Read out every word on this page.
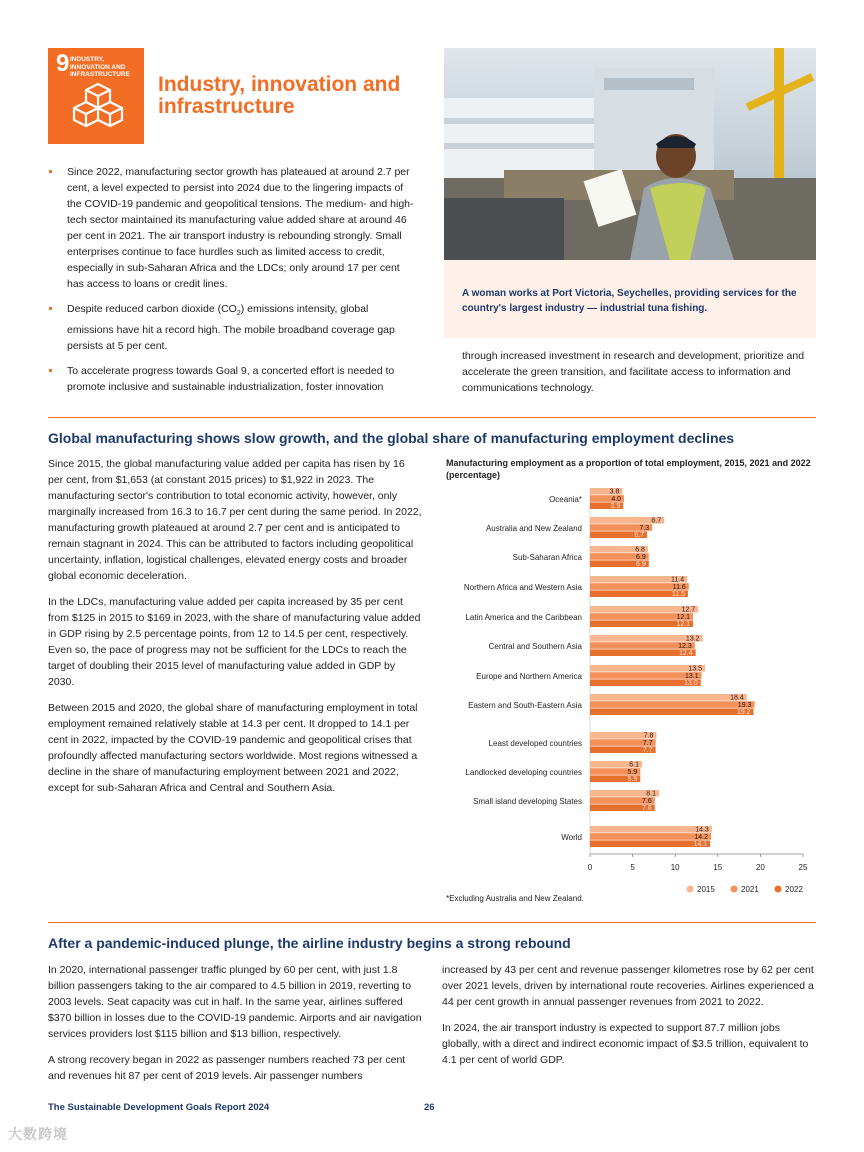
9 INDUSTRY, INNOVATION AND INFRASTRUCTURE	Industry, innovation and infrastructure
Since 2022, manufacturing sector growth has plateaued at around 2.7 per cent, a level expected to persist into 2024 due to the lingering impacts of the COVID-19 pandemic and geopolitical tensions. The medium- and high-tech sector maintained its manufacturing value added share at around 46 per cent in 2021. The air transport industry is rebounding strongly. Small enterprises continue to face hurdles such as limited access to credit, especially in sub-Saharan Africa and the LDCs; only around 17 per cent has access to loans or credit lines.
Despite reduced carbon dioxide $(CO_2)$ emissions intensity, global emissions have hit a record high. The mobile broadband coverage gap persists at 5 per cent.
To accelerate progress towards Goal 9, a concerted effort is needed to promote inclusive and sustainable industrialization, foster innovation
A woman works at Port Victoria, Seychelles, providing services for the country's largest industry — industrial tuna fishing.
through increased investment in research and development, prioritize and accelerate the green transition, and facilitate access to information and communications technology.
Global manufacturing shows slow growth, and the global share of manufacturing employment declines

Since 2015, the global manufacturing value added per capita has risen by 16 per cent, from $1,653 (at constant 2015 prices) to $1,922 in 2023. The manufacturing sector's contribution to total economic activity, however, only marginally increased from 16.3 to 16.7 per cent during the same period. In 2022, manufacturing growth plateaued at around 2.7 per cent and is anticipated to remain stagnant in 2024. This can be attributed to factors including geopolitical uncertainty, inflation, logistical challenges, elevated energy costs and broader global economic deceleration.

In the LDCs, manufacturing value added per capita increased by 35 per cent from $125 in 2015 to $169 in 2023, with the share of manufacturing value added in GDP rising by 2.5 percentage points, from 12 to 14.5 per cent, respectively. Even so, the pace of progress may not be sufficient for the LDCs to reach the target of doubling their 2015 level of manufacturing value added in GDP by 2030.

Between 2015 and 2020, the global share of manufacturing employment in total employment remained relatively stable at 14.3 per cent. It dropped to 14.1 per cent in 2022, impacted by the COVID-19 pandemic and geopolitical crises that profoundly affected manufacturing sectors worldwide. Most regions witnessed a decline in the share of manufacturing employment between 2021 and 2022, except for sub-Saharan Africa and Central and Southern Asia.

Manufacturing employment as a proportion of total employment, 2015, 2021 and 2022 (percentage)
Oceania*
3.8
4.0
3.9
Australia and New Zealand
8.7
7.3
6.7
Sub-Saharan Africa
6.8
6.9
6.9
Northern Africa and Western Asia
11.4
11.6
11.5
Latin America and the Caribbean
12.7
12.1
12.1
Central and Southern Asia
13.2
12.3
12.4
Europe and Northern America
13.5
13.1
13.0
Eastern and South-Eastern Asia
18.4
19.3
19.2
Least developed countries
7.8
7.7
7.7
Landlocked developing countries
6.1
5.9
5.9
Small island developing States
8.1
7.6
7.6
World
14.3
14.2
14.1
0	5	10	15	20	25
2015	2021	2022
*Excluding Australia and New Zealand.
After a pandemic-induced plunge, the airline industry begins a strong rebound

In 2020, international passenger traffic plunged by 60 per cent, with just 1.8 billion passengers taking to the air compared to 4.5 billion in 2019, reverting to 2003 levels. Seat capacity was cut in half. In the same year, airlines suffered $370 billion in losses due to the COVID-19 pandemic. Airports and air navigation services providers lost $115 billion and $13 billion, respectively.

A strong recovery began in 2022 as passenger numbers reached 73 per cent and revenues hit 87 per cent of 2019 levels. Air passenger numbers

increased by 43 per cent and revenue passenger kilometres rose by 62 per cent over 2021 levels, driven by international route recoveries. Airlines experienced a 44 per cent growth in annual passenger revenues from 2021 to 2022.

In 2024, the air transport industry is expected to support 87.7 million jobs globally, with a direct and indirect economic impact of $3.5 trillion, equivalent to 4.1 per cent of world GDP.

The Sustainable Development Goals Report 2024	26
大数跨境
